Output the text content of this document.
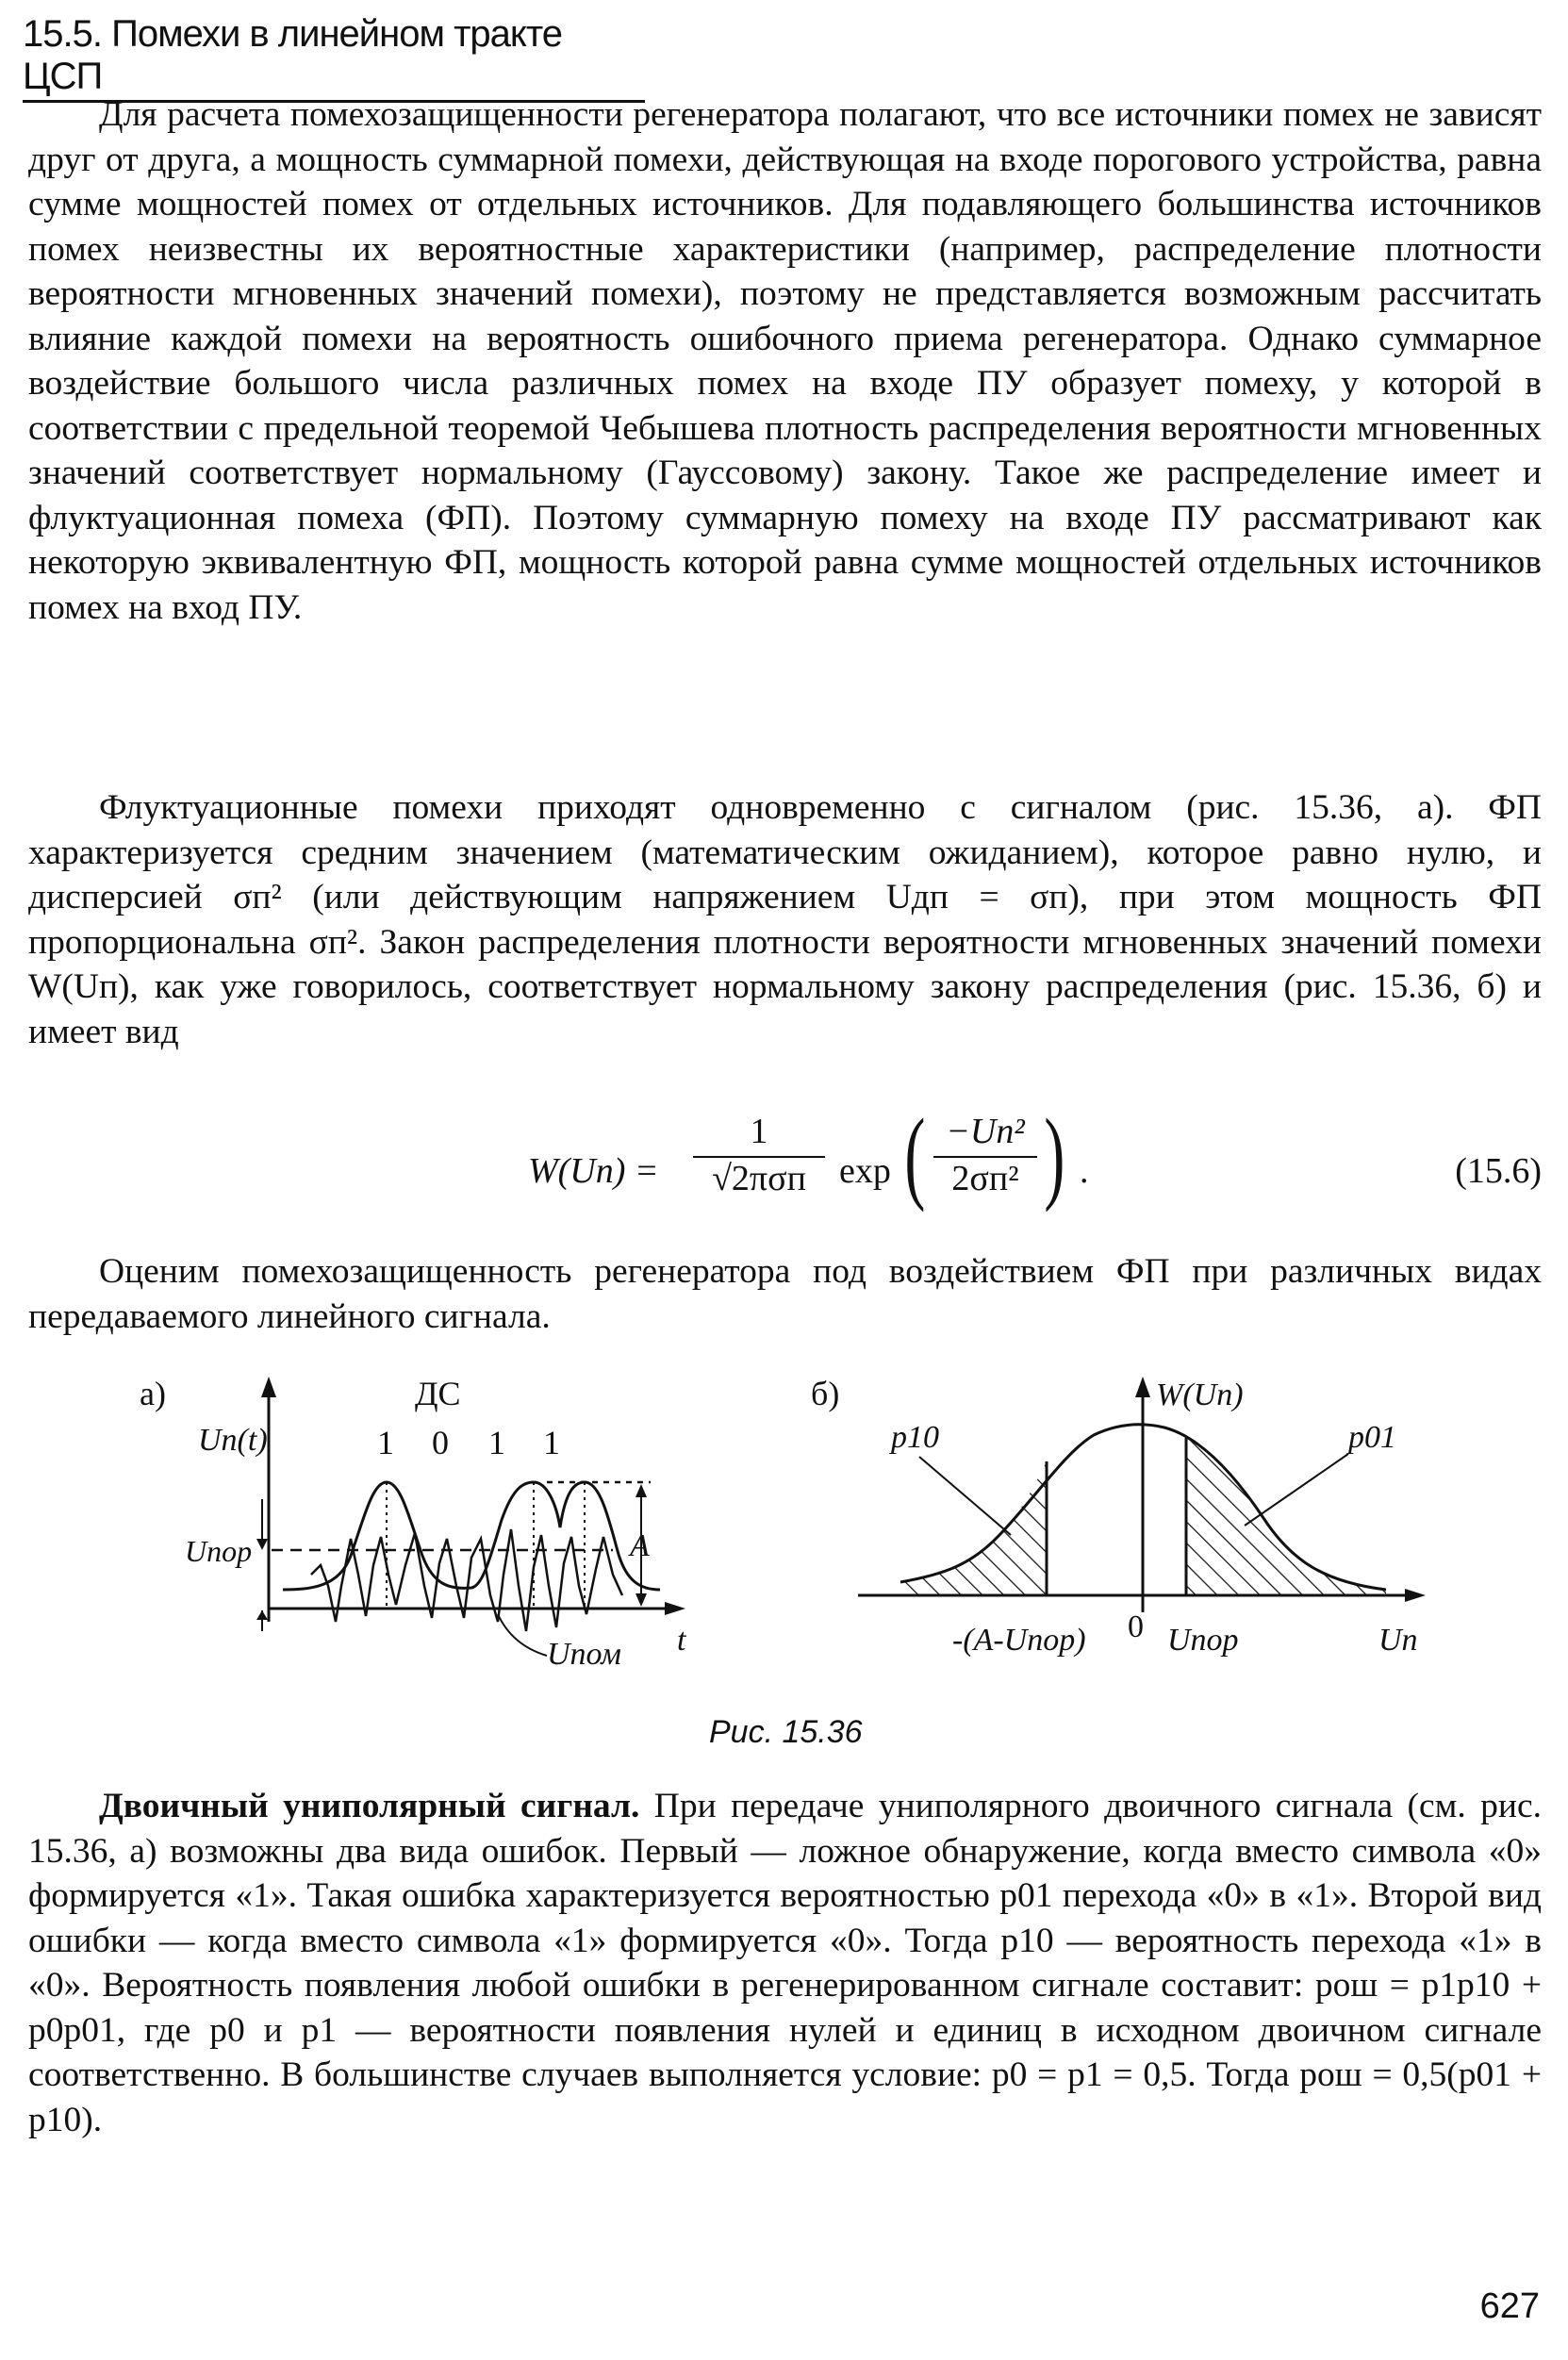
15.5. Помехи в линейном тракте ЦСП

Для расчета помехозащищенности регенератора полагают, что все источники помех не зависят друг от друга, а мощность суммарной помехи, действующая на входе порогового устройства, равна сумме мощностей помех от отдельных источников. Для подавляющего большинства источников помех неизвестны их вероятностные характеристики (например, распределение плотности вероятности мгновенных значений помехи), поэтому не представляется возможным рассчитать влияние каждой помехи на вероятность ошибочного приема регенератора. Однако суммарное воздействие большого числа различных помех на входе ПУ образует помеху, у которой в соответствии с предельной теоремой Чебышева плотность распределения вероятности мгновенных значений соответствует нормальному (Гауссовому) закону. Такое же распределение имеет и флуктуационная помеха (ФП). Поэтому суммарную помеху на входе ПУ рассматривают как некоторую эквивалентную ФП, мощность которой равна сумме мощностей отдельных источников помех на вход ПУ.

Флуктуационные помехи приходят одновременно с сигналом (рис. 15.36, а). ФП характеризуется средним значением (математическим ожиданием), которое равно нулю, и дисперсией σп² (или действующим напряжением Uдп = σп), при этом мощность ФП пропорциональна σп². Закон распределения плотности вероятности мгновенных значений помехи W(Uп), как уже говорилось, соответствует нормальному закону распределения (рис. 15.36, б) и имеет вид

W(Uп) =
1
√2πσп exp ( −Uп²
2σп² ) .	(15.6)

Оценим помехозащищенность регенератора под воздействием ФП при различных видах передаваемого линейного сигнала.

а)
Uп(t)
t
ДС
1 0 1 1
Uпор	A
Uпом
б)	W(Uп)
p10	p01
-(A-Uпор) 0 Uпор	Uп
Рис. 15.36

Двоичный униполярный сигнал. При передаче униполярного двоичного сигнала (см. рис. 15.36, а) возможны два вида ошибок. Первый — ложное обнаружение, когда вместо символа «0» формируется «1». Такая ошибка характеризуется вероятностью p01 перехода «0» в «1». Второй вид ошибки — когда вместо символа «1» формируется «0». Тогда p10 — вероятность перехода «1» в «0». Вероятность появления любой ошибки в регенерированном сигнале составит: pош = p1p10 + p0p01, где p0 и p1 — вероятности появления нулей и единиц в исходном двоичном сигнале соответственно. В большинстве случаев выполняется условие: p0 = p1 = 0,5. Тогда pош = 0,5(p01 + p10).

627
